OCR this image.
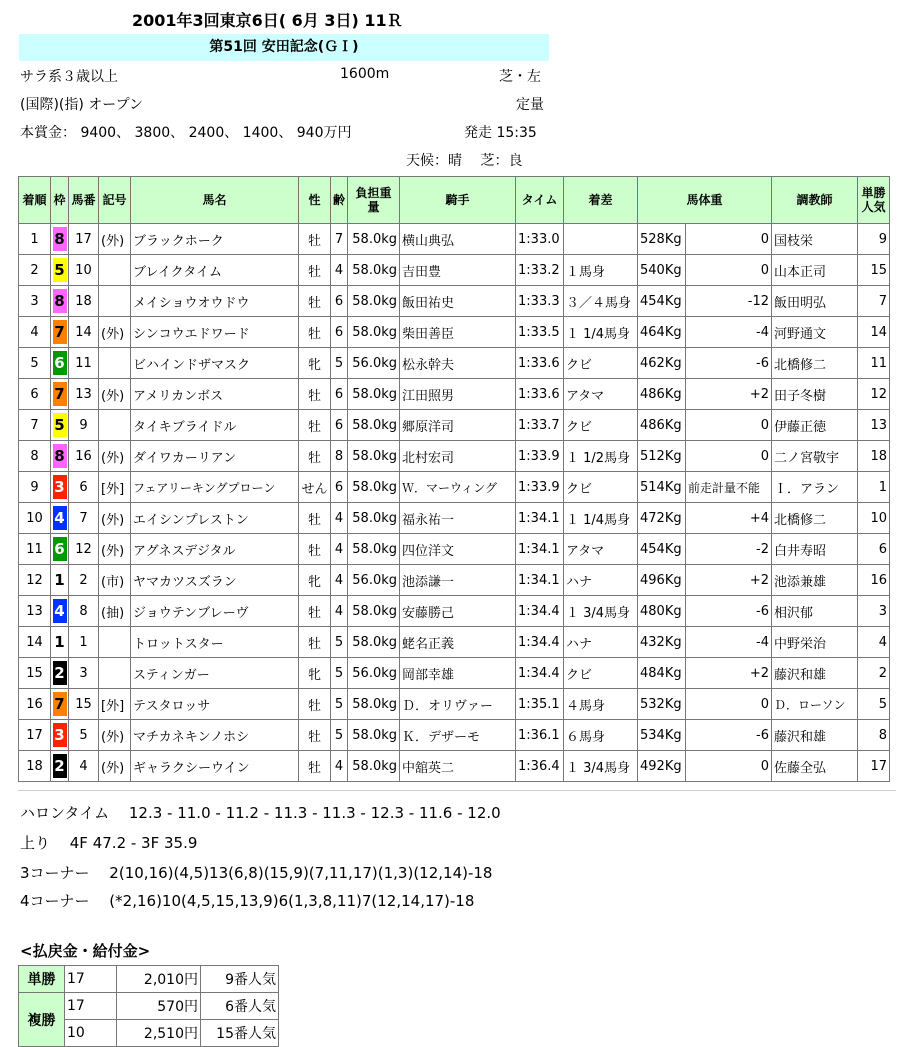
2001年3回東京6日( 6月 3日) 11Ｒ
第51回 安田記念(ＧＩ)
サラ系３歳以上	1600m	芝・左
(国際)(指) オープン	定量
本賞金： 9400、 3800、 2400、 1400、 940万円	発走 15:35
天候：晴　 芝：良
着順	枠	馬番	記号	馬名	性	齢	負担重量	騎手	タイム	着差	馬体重		調教師	単勝人気
1	8	17	(外)	ブラックホーク	牡	7	58.0kg	横山典弘	1:33.0		528Kg	0	国枝栄	9
2	5	10		ブレイクタイム	牡	4	58.0kg	吉田豊	1:33.2	１馬身	540Kg	0	山本正司	15
3	8	18		メイショウオウドウ	牡	6	58.0kg	飯田祐史	1:33.3	３／４馬身	454Kg	-12	飯田明弘	7
4	7	14	(外)	シンコウエドワード	牡	6	58.0kg	柴田善臣	1:33.5	１ 1/4馬身	464Kg	-4	河野通文	14
5	6	11		ビハインドザマスク	牝	5	56.0kg	松永幹夫	1:33.6	クビ	462Kg	-6	北橋修二	11
6	7	13	(外)	アメリカンボス	牡	6	58.0kg	江田照男	1:33.6	アタマ	486Kg	+2	田子冬樹	12
7	5	9		タイキブライドル	牡	6	58.0kg	郷原洋司	1:33.7	クビ	486Kg	0	伊藤正徳	13
8	8	16	(外)	ダイワカーリアン	牡	8	58.0kg	北村宏司	1:33.9	１ 1/2馬身	512Kg	0	二ノ宮敬宇	18
9	3	6	[外]	フェアリーキングプローン	せん	6	58.0kg	Ｗ．マーウィング	1:33.9	クビ	514Kg	前走計量不能	Ｉ．アラン	1
10	4	7	(外)	エイシンプレストン	牡	4	58.0kg	福永祐一	1:34.1	１ 1/4馬身	472Kg	+4	北橋修二	10
11	6	12	(外)	アグネスデジタル	牡	4	58.0kg	四位洋文	1:34.1	アタマ	454Kg	-2	白井寿昭	6
12	1	2	(市)	ヤマカツスズラン	牝	4	56.0kg	池添謙一	1:34.1	ハナ	496Kg	+2	池添兼雄	16
13	4	8	(抽)	ジョウテンブレーヴ	牡	4	58.0kg	安藤勝己	1:34.4	１ 3/4馬身	480Kg	-6	相沢郁	3
14	1	1		トロットスター	牡	5	58.0kg	蛯名正義	1:34.4	ハナ	432Kg	-4	中野栄治	4
15	2	3		スティンガー	牝	5	56.0kg	岡部幸雄	1:34.4	クビ	484Kg	+2	藤沢和雄	2
16	7	15	[外]	テスタロッサ	牡	5	58.0kg	Ｄ．オリヴァー	1:35.1	４馬身	532Kg	0	Ｄ．ローソン	5
17	3	5	(外)	マチカネキンノホシ	牡	5	58.0kg	Ｋ．デザーモ	1:36.1	６馬身	534Kg	-6	藤沢和雄	8
18	2	4	(外)	ギャラクシーウイン	牡	4	58.0kg	中舘英二	1:36.4	１ 3/4馬身	492Kg	0	佐藤全弘	17
ハロンタイム　 12.3 - 11.0 - 11.2 - 11.3 - 11.3 - 12.3 - 11.6 - 12.0
上り　 4F 47.2 - 3F 35.9
3コーナー　 2(10,16)(4,5)13(6,8)(15,9)(7,11,17)(1,3)(12,14)-18
4コーナー　 (*2,16)10(4,5,15,13,9)6(1,3,8,11)7(12,14,17)-18
<払戻金・給付金>
単勝	17	2,010円	9番人気
複勝	17	570円	6番人気
	10	2,510円	15番人気
